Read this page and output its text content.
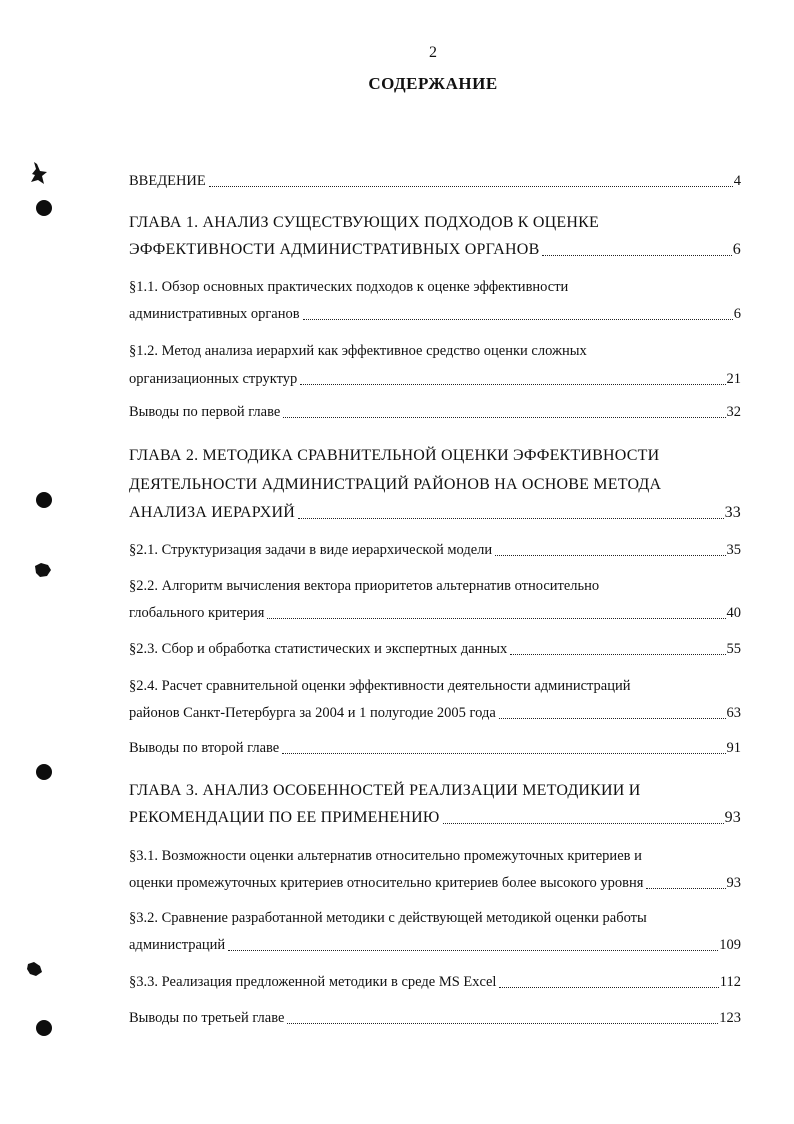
2
СОДЕРЖАНИЕ
ВВЕДЕНИЕ	4
ГЛАВА 1. АНАЛИЗ СУЩЕСТВУЮЩИХ ПОДХОДОВ К ОЦЕНКЕ
ЭФФЕКТИВНОСТИ АДМИНИСТРАТИВНЫХ ОРГАНОВ	6
§1.1. Обзор основных практических подходов к оценке эффективности
административных органов	6
§1.2. Метод анализа иерархий как эффективное средство оценки сложных
организационных структур	21
Выводы по первой главе	32
ГЛАВА 2. МЕТОДИКА СРАВНИТЕЛЬНОЙ ОЦЕНКИ ЭФФЕКТИВНОСТИ
ДЕЯТЕЛЬНОСТИ АДМИНИСТРАЦИЙ РАЙОНОВ НА ОСНОВЕ МЕТОДА
АНАЛИЗА ИЕРАРХИЙ	33
§2.1. Структуризация задачи в виде иерархической модели	35
§2.2. Алгоритм вычисления вектора приоритетов альтернатив относительно
глобального критерия	40
§2.3. Сбор и обработка статистических и экспертных данных	55
§2.4. Расчет сравнительной оценки эффективности деятельности администраций
районов Санкт-Петербурга за 2004 и 1 полугодие 2005 года	63
Выводы по второй главе	91
ГЛАВА 3. АНАЛИЗ ОСОБЕННОСТЕЙ РЕАЛИЗАЦИИ МЕТОДИКИИ И
РЕКОМЕНДАЦИИ ПО ЕЕ ПРИМЕНЕНИЮ	93
§3.1. Возможности оценки альтернатив относительно промежуточных критериев и
оценки промежуточных критериев относительно критериев более высокого уровня	93
§3.2. Сравнение разработанной методики с действующей методикой оценки работы
администраций	109
§3.3. Реализация предложенной методики в среде MS Excel	112
Выводы по третьей главе	123
